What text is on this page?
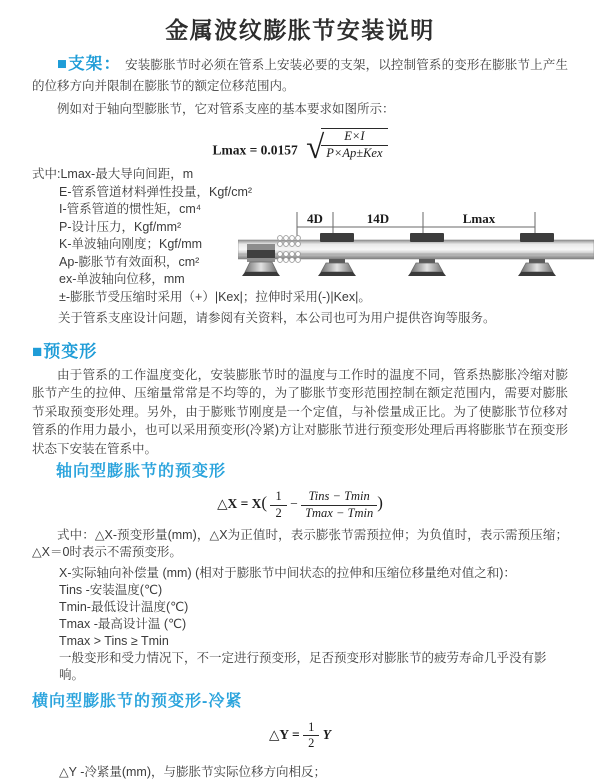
金属波纹膨胀节安装说明

■支架： 安装膨胀节时必须在管系上安装必要的支架，以控制管系的变形在膨胀节上产生的位移方向并限制在膨胀节的额定位移范围内。

例如对于轴向型膨胀节，它对管系支座的基本要求如图所示：

Lmax = 0.0157 √
$\frac{E\times I}{\text{P×Ap±Kex}}$
式中:Lmax-最大导向间距，m
E-管系管道材料弹性投量，Kgf/cm²
I-管系管道的惯性矩，cm⁴
P-设计压力，Kgf/mm²
K-单波轴向刚度；Kgf/mm
Ap-膨胀节有效面积，cm²
ex-单波轴向位移，mm
±-膨胀节受压缩时采用（+）|Kex|；拉伸时采用(-)|Kex|。
关于管系支座设计问题，请参阅有关资料，本公司也可为用户提供咨询等服务。
4D	14D	Lmax
■预变形

由于管系的工作温度变化，安装膨胀节时的温度与工作时的温度不同，管系热膨胀冷缩对膨胀节产生的拉伸、压缩量常常是不均等的，为了膨胀节变形范围控制在额定范围内，需要对膨胀节采取预变形处理。另外，由于膨账节刚度是一个定值，与补偿量成正比。为了使膨胀节位移对管系的作用力最小，也可以采用预变形(冷紧)方让对膨胀节进行预变形处理后再将膨胀节在预变形状态下安装在管系中。

轴向型膨胀节的预变形
△X = $X( \frac{1}{2} - \frac{\text{Tins − Tmin}}{Tmax - Tmin}$ )

式中：△X-预变形量(mm)，△X为正值时，表示膨张节需预拉伸；为负值时，表示需预压缩；△X＝0时表示不需预变形。

X-实际轴向补偿量 (mm) (相对于膨胀节中间状态的拉伸和压缩位移量绝对值之和)：
Tins -安装温度(℃)
Tmin-最低设计温度(℃)
Tmax -最高设计温 (℃)
Tmax > Tins ≥ Tmin
一般变形和受力情况下，不一定进行预变形，足否预变形对膨胀节的疲劳寿命几乎没有影响。
横向型膨胀节的预变形-冷紧
△Y = $\frac{1}{2}$ Y

△Y -冷紧量(mm)，与膨胀节实际位移方向相反；
